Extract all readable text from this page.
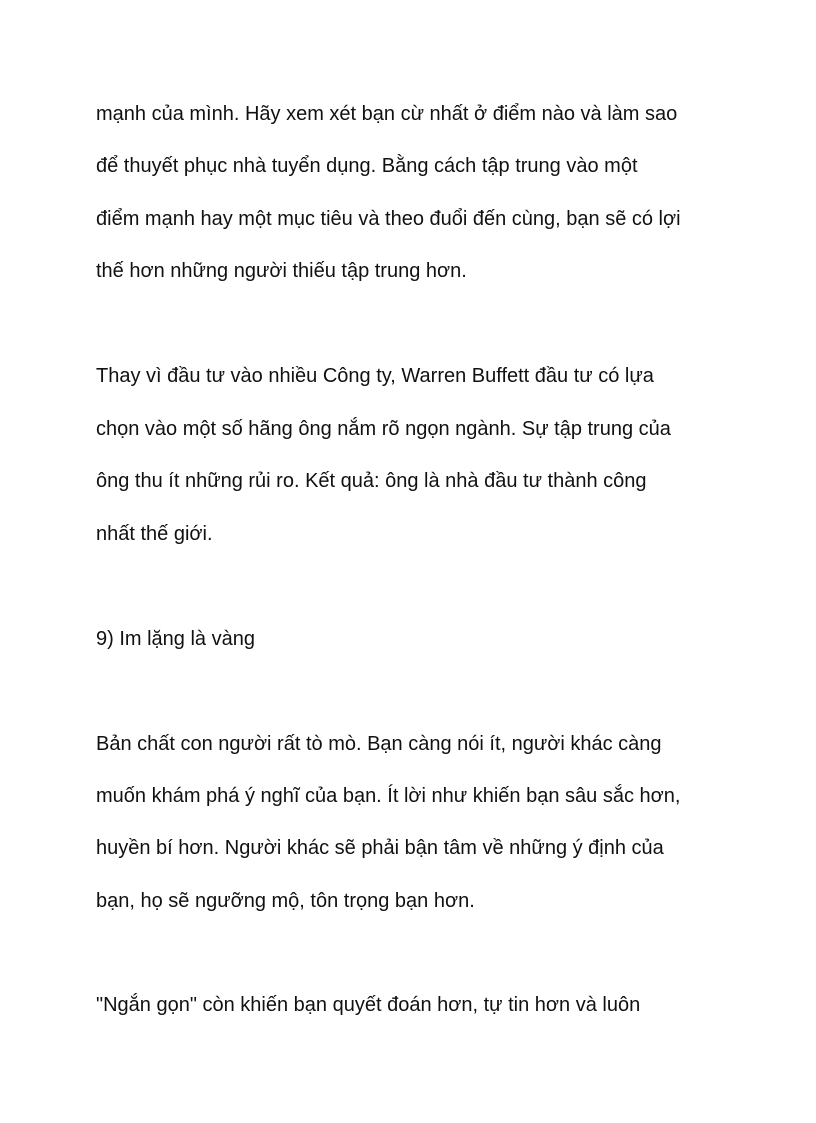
mạnh của mình. Hãy xem xét bạn cừ nhất ở điểm nào và làm sao

để thuyết phục nhà tuyển dụng. Bằng cách tập trung vào một

điểm mạnh hay một mục tiêu và theo đuổi đến cùng, bạn sẽ có lợi

thế hơn những người thiếu tập trung hơn.

Thay vì đầu tư vào nhiều Công ty, Warren Buffett đầu tư có lựa

chọn vào một số hãng ông nắm rõ ngọn ngành. Sự tập trung của

ông thu ít những rủi ro. Kết quả: ông là nhà đầu tư thành công

nhất thế giới.

9) Im lặng là vàng

Bản chất con người rất tò mò. Bạn càng nói ít, người khác càng

muốn khám phá ý nghĩ của bạn. Ít lời như khiến bạn sâu sắc hơn,

huyền bí hơn. Người khác sẽ phải bận tâm về những ý định của

bạn, họ sẽ ngưỡng mộ, tôn trọng bạn hơn.

"Ngắn gọn" còn khiến bạn quyết đoán hơn, tự tin hơn và luôn
